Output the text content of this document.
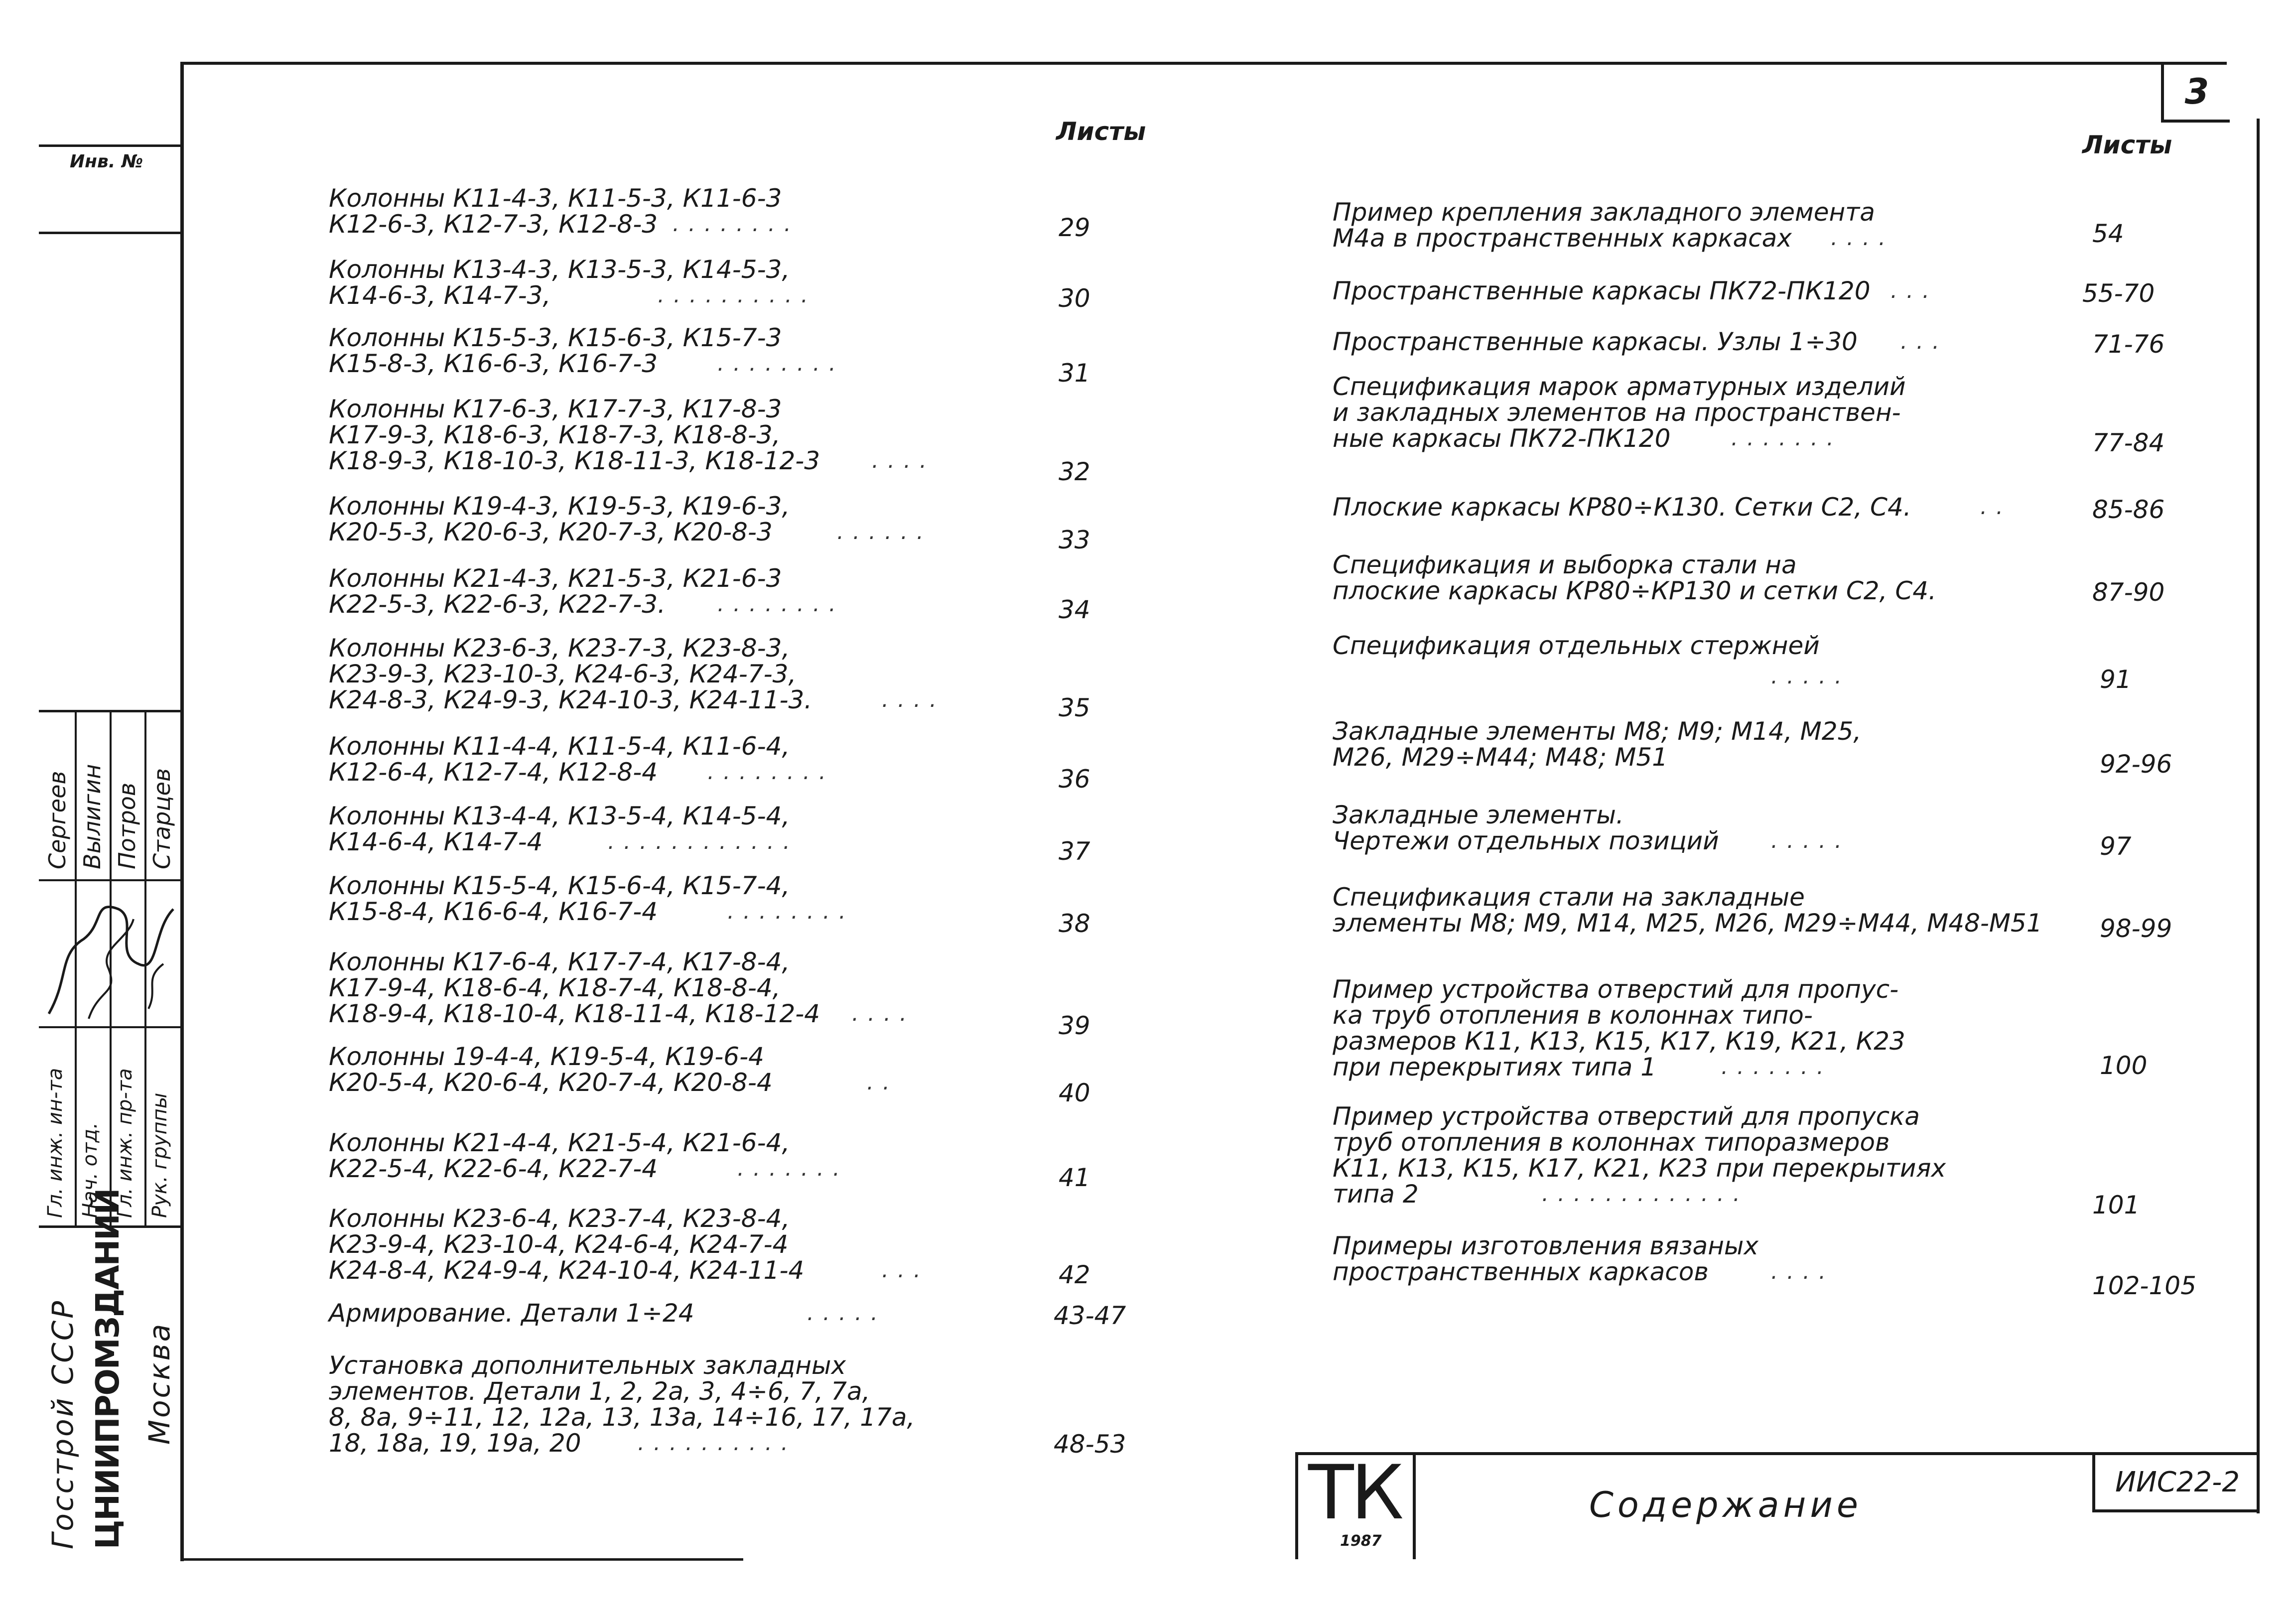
3
Инв. №
Листы	Листы
Колонны К11-4-3, К11-5-3, К11-6-3
К12-6-3, К12-7-3, К12-8-3 ........	29
Колонны К13-4-3, К13-5-3, К14-5-3,
К14-6-3, К14-7-3,	..........	30
Колонны К15-5-3, К15-6-3, К15-7-3
К15-8-3, К16-6-3, К16-7-3	........	31
Колонны К17-6-3, К17-7-3, К17-8-3
К17-9-3, К18-6-3, К18-7-3, К18-8-3,
К18-9-3, К18-10-3, К18-11-3, К18-12-3 ....	32
Колонны К19-4-3, К19-5-3, К19-6-3,
К20-5-3, К20-6-3, К20-7-3, К20-8-3	......	33
Колонны К21-4-3, К21-5-3, К21-6-3
К22-5-3, К22-6-3, К22-7-3.	........	34
Колонны К23-6-3, К23-7-3, К23-8-3,
К23-9-3, К23-10-3, К24-6-3, К24-7-3,
К24-8-3, К24-9-3, К24-10-3, К24-11-3.	....	35
Колонны К11-4-4, К11-5-4, К11-6-4,
К12-6-4, К12-7-4, К12-8-4	........	36
Колонны К13-4-4, К13-5-4, К14-5-4,
К14-6-4, К14-7-4	............	37
Колонны К15-5-4, К15-6-4, К15-7-4,
К15-8-4, К16-6-4, К16-7-4	........	38
Колонны К17-6-4, К17-7-4, К17-8-4,
К17-9-4, К18-6-4, К18-7-4, К18-8-4,
К18-9-4, К18-10-4, К18-11-4, К18-12-4 ....	39
Колонны 19-4-4, К19-5-4, К19-6-4
К20-5-4, К20-6-4, К20-7-4, К20-8-4	..	40
Колонны К21-4-4, К21-5-4, К21-6-4,
К22-5-4, К22-6-4, К22-7-4	.......	41
Колонны К23-6-4, К23-7-4, К23-8-4,
К23-9-4, К23-10-4, К24-6-4, К24-7-4
К24-8-4, К24-9-4, К24-10-4, К24-11-4	...	42
Армирование. Детали 1÷24	.....	43-47
Установка дополнительных закладных
элементов. Детали 1, 2, 2а, 3, 4÷6, 7, 7а,
8, 8а, 9÷11, 12, 12а, 13, 13а, 14÷16, 17, 17а,
18, 18а, 19, 19а, 20	..........	48-53
Пример крепления закладного элемента
М4а в пространственных каркасах	....	54
Пространственные каркасы ПК72-ПК120 ...	55-70
Пространственные каркасы. Узлы 1÷30 ...	71-76
Спецификация марок арматурных изделий
и закладных элементов на пространствен-
ные каркасы ПК72-ПК120	.......	77-84
Плоские каркасы КР80÷К130. Сетки С2, С4.	..	85-86
Спецификация и выборка стали на
плоские каркасы КР80÷КР130 и сетки С2, С4.	87-90
Спецификация отдельных стержней
.....	91
Закладные элементы М8; М9; М14, М25,
М26, М29÷М44; М48; М51	92-96
Закладные элементы.
Чертежи отдельных позиций .....	97
Спецификация стали на закладные
элементы М8; М9, М14, М25, М26, М29÷М44, М48-М51 98-99
Пример устройства отверстий для пропус-
ка труб отопления в колоннах типо-
размеров К11, К13, К15, К17, К19, К21, К23
при перекрытиях типа 1	.......	100
Пример устройства отверстий для пропуска
труб отопления в колоннах типоразмеров
К11, К13, К15, К17, К21, К23 при перекрытиях
типа 2	.............	101
Примеры изготовления вязаных
пространственных каркасов	....	102-105
Сергеев Вылигин Потров Старцев
Гл. инж. ин-та Нач. отд. Гл. инж. пр-та Рук. группы
Госстрой СССР ЦНИИПРОМЗДАНИЙ Москва
ТК
1987
Содержание
ИИС22-2
